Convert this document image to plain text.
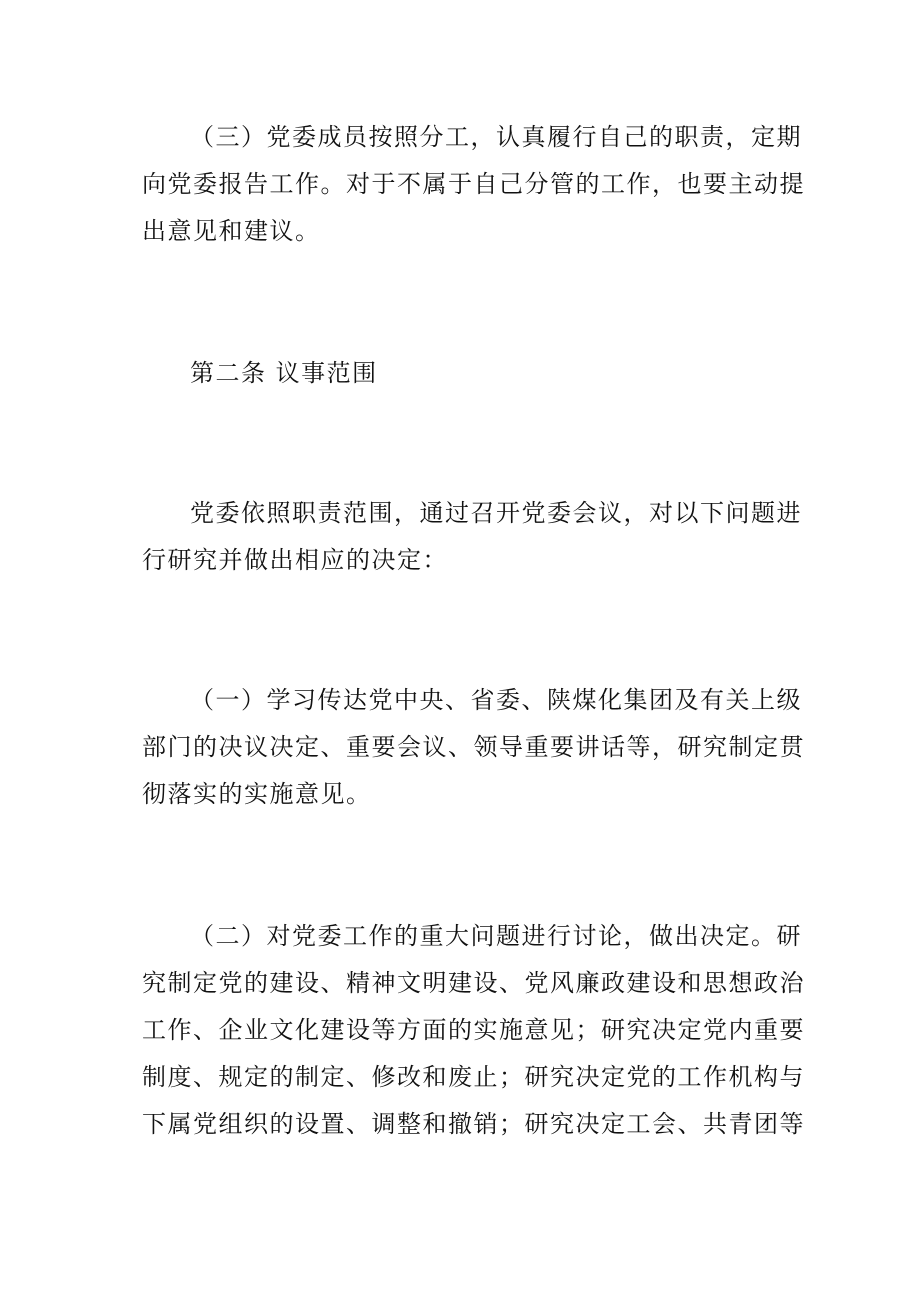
（三）党委成员按照分工，认真履行自己的职责，定期
向党委报告工作。对于不属于自己分管的工作，也要主动提
出意见和建议。

第二条 议事范围

党委依照职责范围，通过召开党委会议，对以下问题进
行研究并做出相应的决定：
（一）学习传达党中央、省委、陕煤化集团及有关上级
部门的决议决定、重要会议、领导重要讲话等，研究制定贯
彻落实的实施意见。
（二）对党委工作的重大问题进行讨论，做出决定。研
究制定党的建设、精神文明建设、党风廉政建设和思想政治
工作、企业文化建设等方面的实施意见；研究决定党内重要
制度、规定的制定、修改和废止；研究决定党的工作机构与
下属党组织的设置、调整和撤销；研究决定工会、共青团等
